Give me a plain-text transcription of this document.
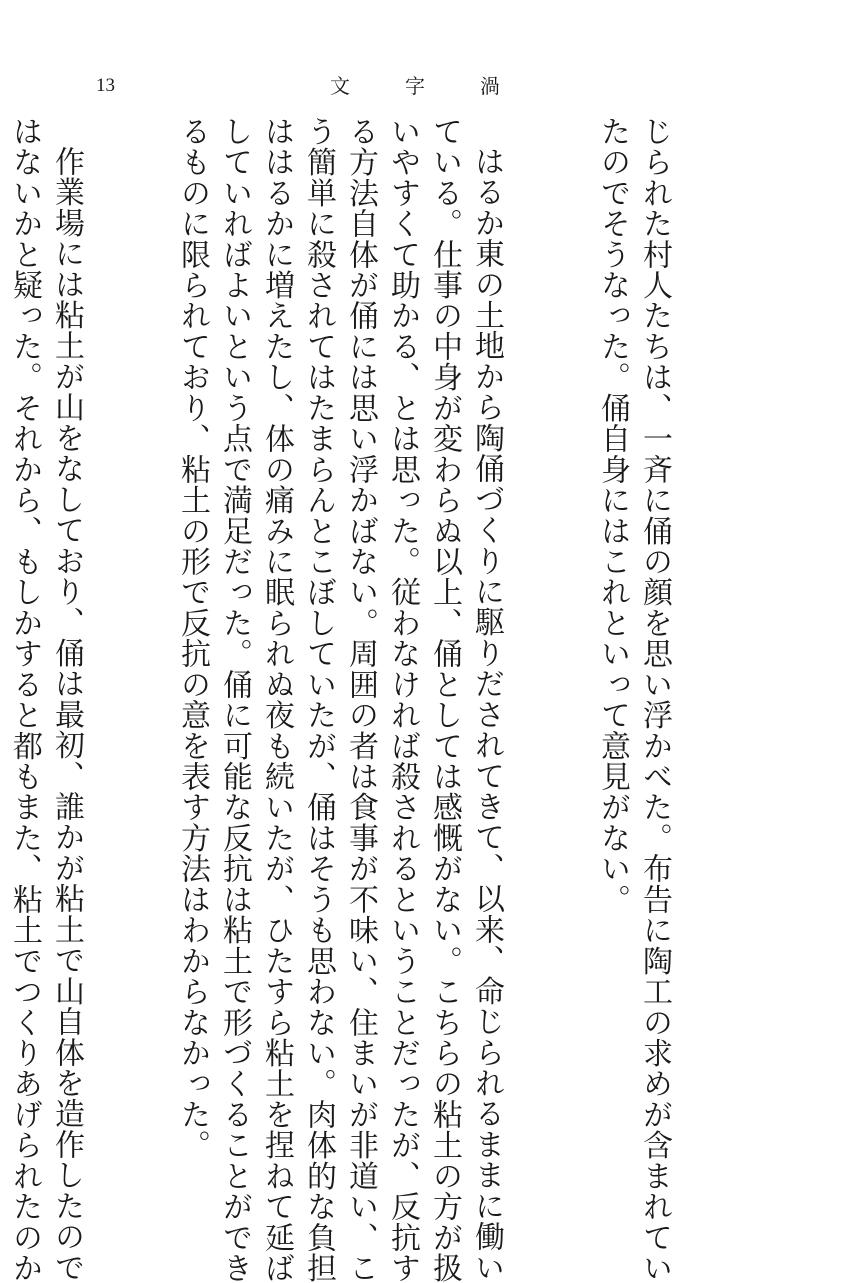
13	文	字	渦

じられた村人たちは、一斉に俑の顔を思い浮かべた。布告に陶工の求めが含まれてい
たのでそうなった。俑自身にはこれといって意見がない。

はるか東の土地から陶俑づくりに駆りだされてきて、以来、命じられるままに働い
ている。仕事の中身が変わらぬ以上、俑としては感慨がない。こちらの粘土の方が扱
いやすくて助かる、とは思った。従わなければ殺されるということだったが、反抗す
る方法自体が俑には思い浮かばない。周囲の者は食事が不味い、住まいが非道い、こ
う簡単に殺されてはたまらんとこぼしていたが、俑はそうも思わない。肉体的な負担
ははるかに増えたし、体の痛みに眠られぬ夜も続いたが、ひたすら粘土を捏ねて延ば
していればよいという点で満足だった。俑に可能な反抗は粘土で形づくることができ
るものに限られており、粘土の形で反抗の意を表す方法はわからなかった。

作業場には粘土が山をなしており、俑は最初、誰かが粘土で山自体を造作したので
はないかと疑った。それから、もしかすると都もまた、粘土でつくりあげられたのか
